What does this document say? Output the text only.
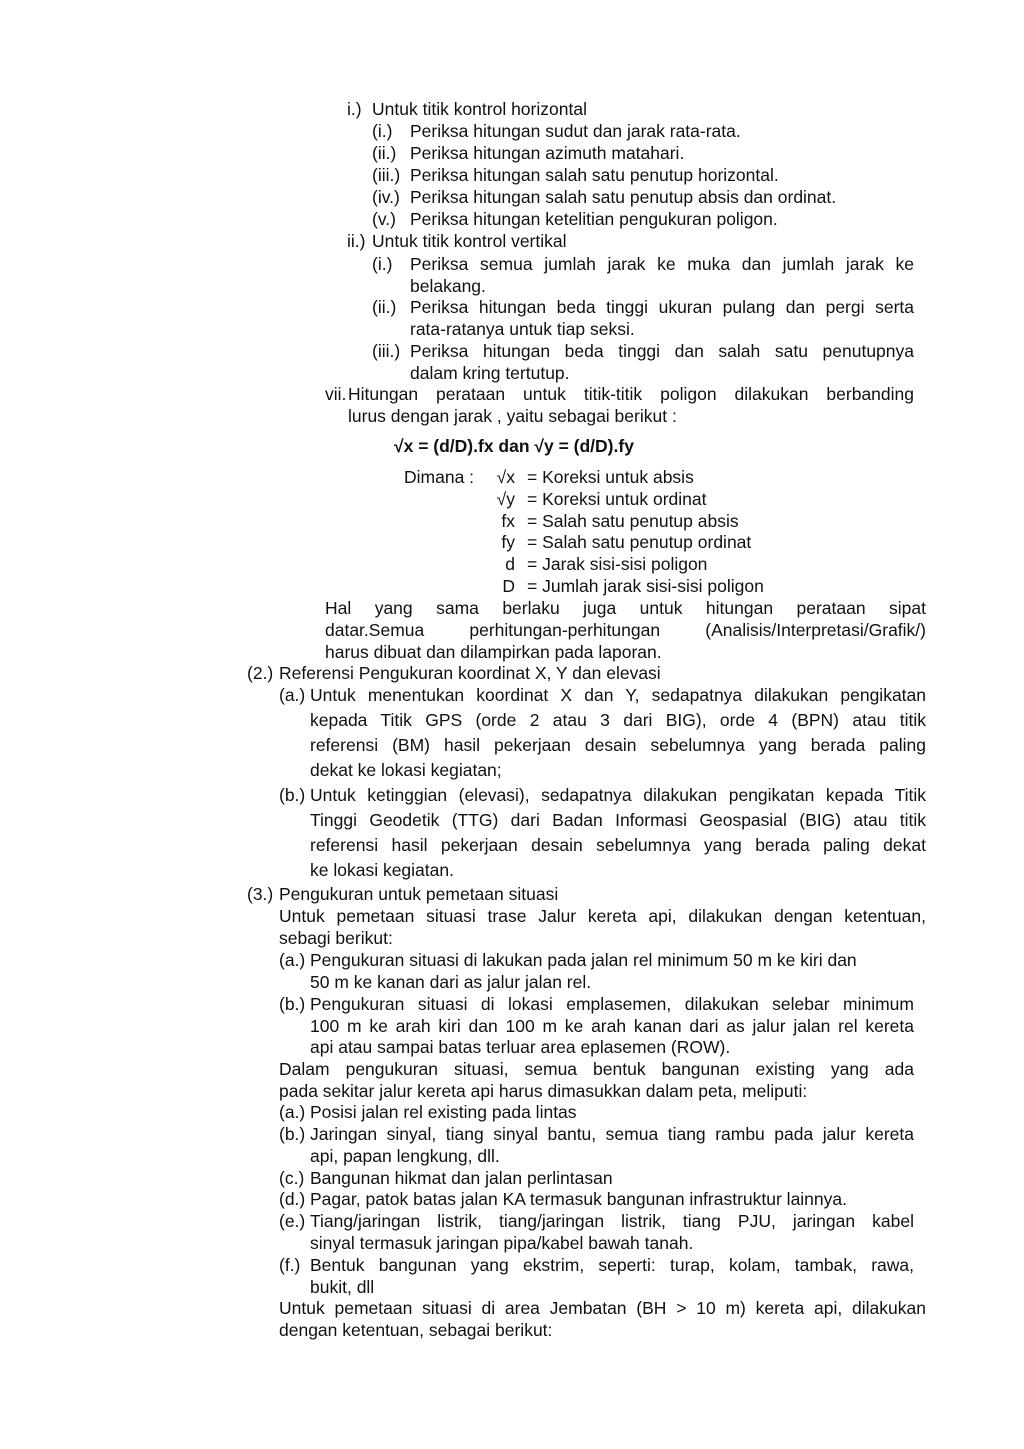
i.) Untuk titik kontrol horizontal
(i.) Periksa hitungan sudut dan jarak rata-rata.
(ii.) Periksa hitungan azimuth matahari.
(iii.) Periksa hitungan salah satu penutup horizontal.
(iv.) Periksa hitungan salah satu penutup absis dan ordinat.
(v.) Periksa hitungan ketelitian pengukuran poligon.
ii.) Untuk titik kontrol vertikal
(i.) Periksa semua jumlah jarak ke muka dan jumlah jarak ke
belakang.
(ii.) Periksa hitungan beda tinggi ukuran pulang dan pergi serta
rata-ratanya untuk tiap seksi.
(iii.) Periksa hitungan beda tinggi dan salah satu penutupnya
dalam kring tertutup.
vii. Hitungan perataan untuk titik-titik poligon dilakukan berbanding
lurus dengan jarak , yaitu sebagai berikut :
√x = (d/D).fx dan √y = (d/D).fy
Dimana :	√x = Koreksi untuk absis
√y = Koreksi untuk ordinat
fx = Salah satu penutup absis
fy = Salah satu penutup ordinat
d = Jarak sisi-sisi poligon
D = Jumlah jarak sisi-sisi poligon
Hal yang sama berlaku juga untuk hitungan perataan sipat
datar.Semua perhitungan-perhitungan (Analisis/Interpretasi/Grafik/)
harus dibuat dan dilampirkan pada laporan.
(2.) Referensi Pengukuran koordinat X, Y dan elevasi
(a.) Untuk menentukan koordinat X dan Y, sedapatnya dilakukan pengikatan
kepada Titik GPS (orde 2 atau 3 dari BIG), orde 4 (BPN) atau titik
referensi (BM) hasil pekerjaan desain sebelumnya yang berada paling
dekat ke lokasi kegiatan;
(b.) Untuk ketinggian (elevasi), sedapatnya dilakukan pengikatan kepada Titik
Tinggi Geodetik (TTG) dari Badan Informasi Geospasial (BIG) atau titik
referensi hasil pekerjaan desain sebelumnya yang berada paling dekat
ke lokasi kegiatan.
(3.) Pengukuran untuk pemetaan situasi
Untuk pemetaan situasi trase Jalur kereta api, dilakukan dengan ketentuan,
sebagi berikut:
(a.) Pengukuran situasi di lakukan pada jalan rel minimum 50 m ke kiri dan
50 m ke kanan dari as jalur jalan rel.
(b.) Pengukuran situasi di lokasi emplasemen, dilakukan selebar minimum
100 m ke arah kiri dan 100 m ke arah kanan dari as jalur jalan rel kereta
api atau sampai batas terluar area eplasemen (ROW).
Dalam pengukuran situasi, semua bentuk bangunan existing yang ada
pada sekitar jalur kereta api harus dimasukkan dalam peta, meliputi:
(a.) Posisi jalan rel existing pada lintas
(b.) Jaringan sinyal, tiang sinyal bantu, semua tiang rambu pada jalur kereta
api, papan lengkung, dll.
(c.) Bangunan hikmat dan jalan perlintasan
(d.) Pagar, patok batas jalan KA termasuk bangunan infrastruktur lainnya.
(e.) Tiang/jaringan listrik, tiang/jaringan listrik, tiang PJU, jaringan kabel
sinyal termasuk jaringan pipa/kabel bawah tanah.
(f.) Bentuk bangunan yang ekstrim, seperti: turap, kolam, tambak, rawa,
bukit, dll
Untuk pemetaan situasi di area Jembatan (BH > 10 m) kereta api, dilakukan
dengan ketentuan, sebagai berikut:
